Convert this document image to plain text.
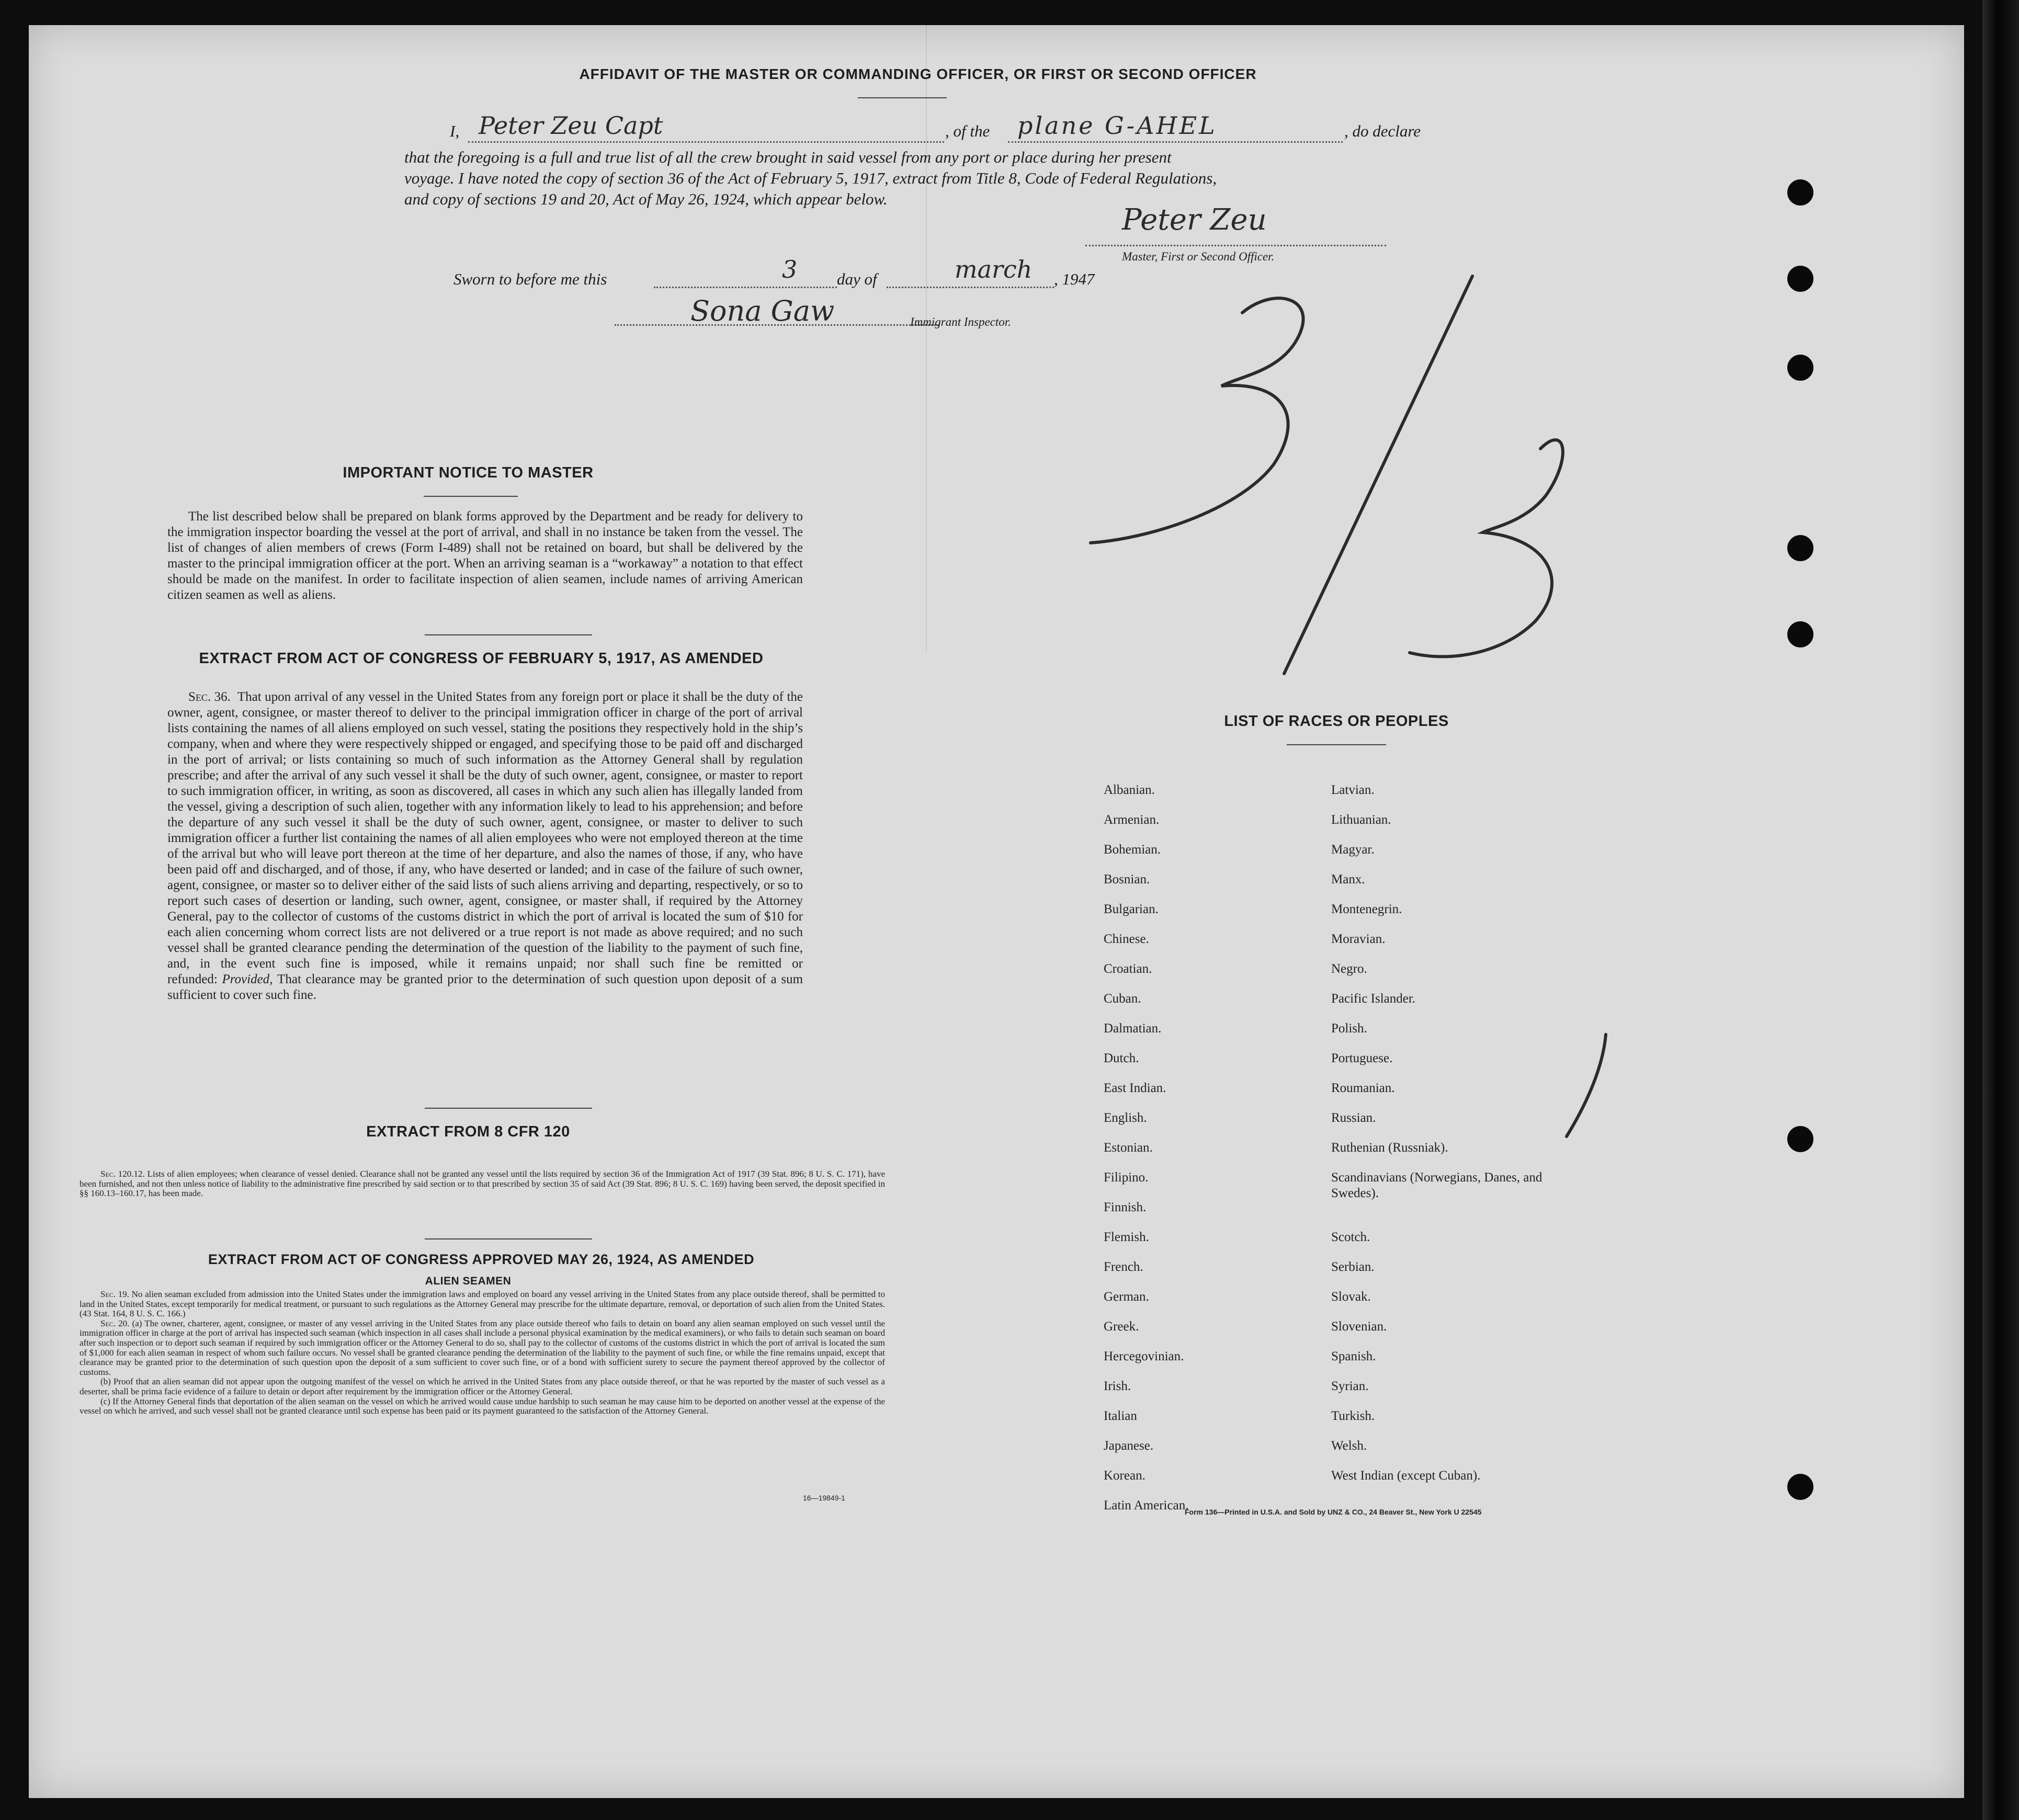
AFFIDAVIT OF THE MASTER OR COMMANDING OFFICER, OR FIRST OR SECOND OFFICER
I, Peter Zeu Capt	, of the plane G-AHEL	, do declare
that the foregoing is a full and true list of all the crew brought in said vessel from any port or place during her present
voyage. I have noted the copy of section 36 of the Act of February 5, 1917, extract from Title 8, Code of Federal Regulations,
and copy of sections 19 and 20, Act of May 26, 1924, which appear below.
Peter Zeu
Master, First or Second Officer.
Sworn to before me this	3 day of	march , 1947
Sona Gaw	Immigrant Inspector.
IMPORTANT NOTICE TO MASTER
The list described below shall be prepared on blank forms approved by the Department and be ready for delivery to the immigration inspector boarding the vessel at the port of arrival, and shall in no instance be taken from the vessel. The list of changes of alien members of crews (Form I-489) shall not be retained on board, but shall be delivered by the master to the principal immigration officer at the port. When an arriving seaman is a “workaway” a notation to that effect should be made on the manifest. In order to facilitate inspection of alien seamen, include names of arriving American citizen seamen as well as aliens.
EXTRACT FROM ACT OF CONGRESS OF FEBRUARY 5, 1917, AS AMENDED
Sec. 36. That upon arrival of any vessel in the United States from any foreign port or place it shall be the duty of the owner, agent, consignee, or master thereof to deliver to the principal immigration officer in charge of the port of arrival lists containing the names of all aliens employed on such vessel, stating the positions they respectively hold in the ship’s company, when and where they were respectively shipped or engaged, and specifying those to be paid off and discharged in the port of arrival; or lists containing so much of such information as the Attorney General shall by regulation prescribe; and after the arrival of any such vessel it shall be the duty of such owner, agent, consignee, or master to report to such immigration officer, in writing, as soon as discovered, all cases in which any such alien has illegally landed from the vessel, giving a description of such alien, together with any information likely to lead to his apprehension; and before the departure of any such vessel it shall be the duty of such owner, agent, consignee, or master to deliver to such immigration officer a further list containing the names of all alien employees who were not employed thereon at the time of the arrival but who will leave port thereon at the time of her departure, and also the names of those, if any, who have been paid off and discharged, and of those, if any, who have deserted or landed; and in case of the failure of such owner, agent, consignee, or master so to deliver either of the said lists of such aliens arriving and departing, respectively, or so to report such cases of desertion or landing, such owner, agent, consignee, or master shall, if required by the Attorney General, pay to the collector of customs of the customs district in which the port of arrival is located the sum of $10 for each alien concerning whom correct lists are not delivered or a true report is not made as above required; and no such vessel shall be granted clearance pending the determination of the question of the liability to the payment of such fine, and, in the event such fine is imposed, while it remains unpaid; nor shall such fine be remitted or refunded: Provided, That clearance may be granted prior to the determination of such question upon deposit of a sum sufficient to cover such fine.
EXTRACT FROM 8 CFR 120

Sec. 120.12. Lists of alien employees; when clearance of vessel denied. Clearance shall not be granted any vessel until the lists required by section 36 of the Immigration Act of 1917 (39 Stat. 896; 8 U. S. C. 171), have been furnished, and not then unless notice of liability to the administrative fine prescribed by said section or to that prescribed by section 35 of said Act (39 Stat. 896; 8 U. S. C. 169) having been served, the deposit specified in §§ 160.13–160.17, has been made.

EXTRACT FROM ACT OF CONGRESS APPROVED MAY 26, 1924, AS AMENDED
ALIEN SEAMEN

Sec. 19. No alien seaman excluded from admission into the United States under the immigration laws and employed on board any vessel arriving in the United States from any place outside thereof, shall be permitted to land in the United States, except temporarily for medical treatment, or pursuant to such regulations as the Attorney General may prescribe for the ultimate departure, removal, or deportation of such alien from the United States. (43 Stat. 164, 8 U. S. C. 166.)

Sec. 20. (a) The owner, charterer, agent, consignee, or master of any vessel arriving in the United States from any place outside thereof who fails to detain on board any alien seaman employed on such vessel until the immigration officer in charge at the port of arrival has inspected such seaman (which inspection in all cases shall include a personal physical examination by the medical examiners), or who fails to detain such seaman on board after such inspection or to deport such seaman if required by such immigration officer or the Attorney General to do so, shall pay to the collector of customs of the customs district in which the port of arrival is located the sum of $1,000 for each alien seaman in respect of whom such failure occurs. No vessel shall be granted clearance pending the determination of the liability to the payment of such fine, or while the fine remains unpaid, except that clearance may be granted prior to the determination of such question upon the deposit of a sum sufficient to cover such fine, or of a bond with sufficient surety to secure the payment thereof approved by the collector of customs.

(b) Proof that an alien seaman did not appear upon the outgoing manifest of the vessel on which he arrived in the United States from any place outside thereof, or that he was reported by the master of such vessel as a deserter, shall be prima facie evidence of a failure to detain or deport after requirement by the immigration officer or the Attorney General.

(c) If the Attorney General finds that deportation of the alien seaman on the vessel on which he arrived would cause undue hardship to such seaman he may cause him to be deported on another vessel at the expense of the vessel on which he arrived, and such vessel shall not be granted clearance until such expense has been paid or its payment guaranteed to the satisfaction of the Attorney General.

16—19849-1
LIST OF RACES OR PEOPLES
Albanian.
Armenian.
Bohemian.
Bosnian.
Bulgarian.
Chinese.
Croatian.
Cuban.
Dalmatian.
Dutch.
East Indian.
English.
Estonian.
Filipino.
Finnish.
Flemish.
French.
German.
Greek.
Hercegovinian.
Irish.
Italian
Japanese.
Korean.
Latin American.
Latvian.
Lithuanian.
Magyar.
Manx.
Montenegrin.
Moravian.
Negro.
Pacific Islander.
Polish.
Portuguese.
Roumanian.
Russian.
Ruthenian (Russniak).
Scandinavians (Norwegians, Danes, and Swedes).
Scotch.
Serbian.
Slovak.
Slovenian.
Spanish.
Syrian.
Turkish.
Welsh.
West Indian (except Cuban).
Form 136—Printed in U.S.A. and Sold by UNZ & CO., 24 Beaver St., New York U 22545
